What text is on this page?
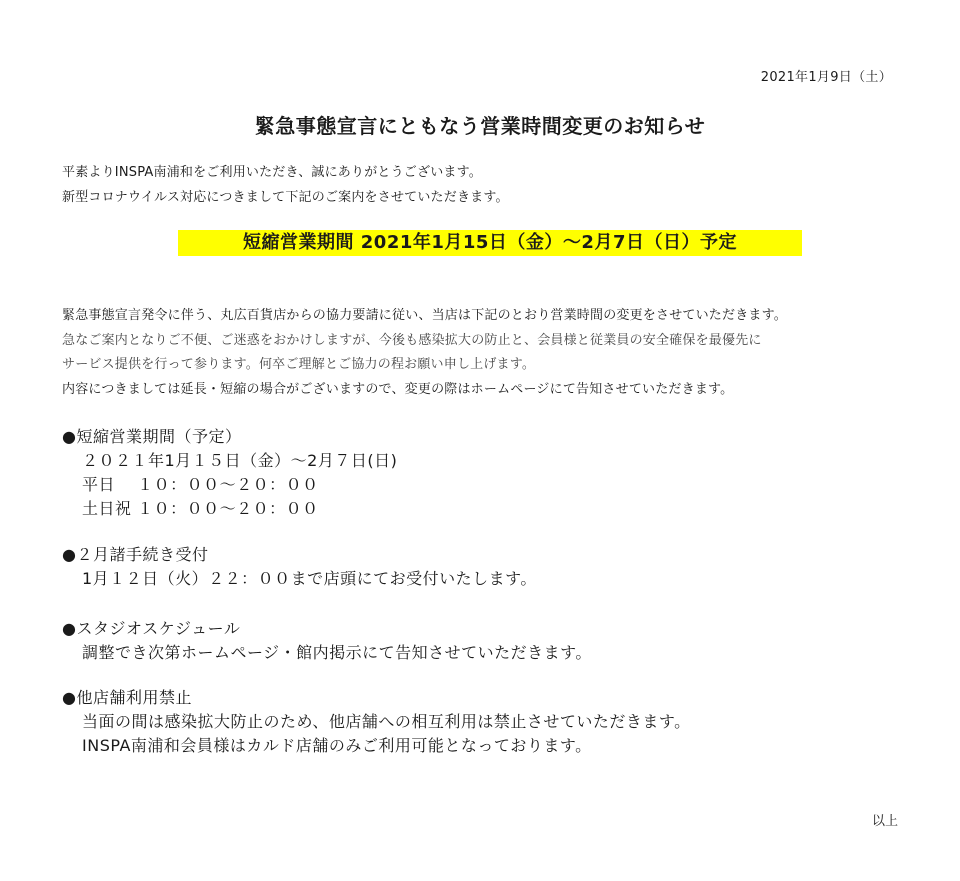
2021年1月9日（土）
緊急事態宣言にともなう営業時間変更のお知らせ
平素よりINSPA南浦和をご利用いただき、誠にありがとうございます。
新型コロナウイルス対応につきまして下記のご案内をさせていただきます。
短縮営業期間 2021年1月15日（金）〜2月7日（日）予定
緊急事態宣言発令に伴う、丸広百貨店からの協力要請に従い、当店は下記のとおり営業時間の変更をさせていただきます。
急なご案内となりご不便、ご迷惑をおかけしますが、今後も感染拡大の防止と、会員様と従業員の安全確保を最優先に
サービス提供を行って参ります。何卒ご理解とご協力の程お願い申し上げます。
内容につきましては延長・短縮の場合がございますので、変更の際はホームページにて告知させていただきます。
●短縮営業期間（予定）
２０２１年1月１５日（金）〜2月７日(日)
平日　 １０：００〜２０：００
土日祝 １０：００〜２０：００
●２月諸手続き受付
1月１２日（火）２２：００まで店頭にてお受付いたします。
●スタジオスケジュール
調整でき次第ホームページ・館内掲示にて告知させていただきます。
●他店舗利用禁止
当面の間は感染拡大防止のため、他店舗への相互利用は禁止させていただきます。
INSPA南浦和会員様はカルド店舗のみご利用可能となっております。
以上
